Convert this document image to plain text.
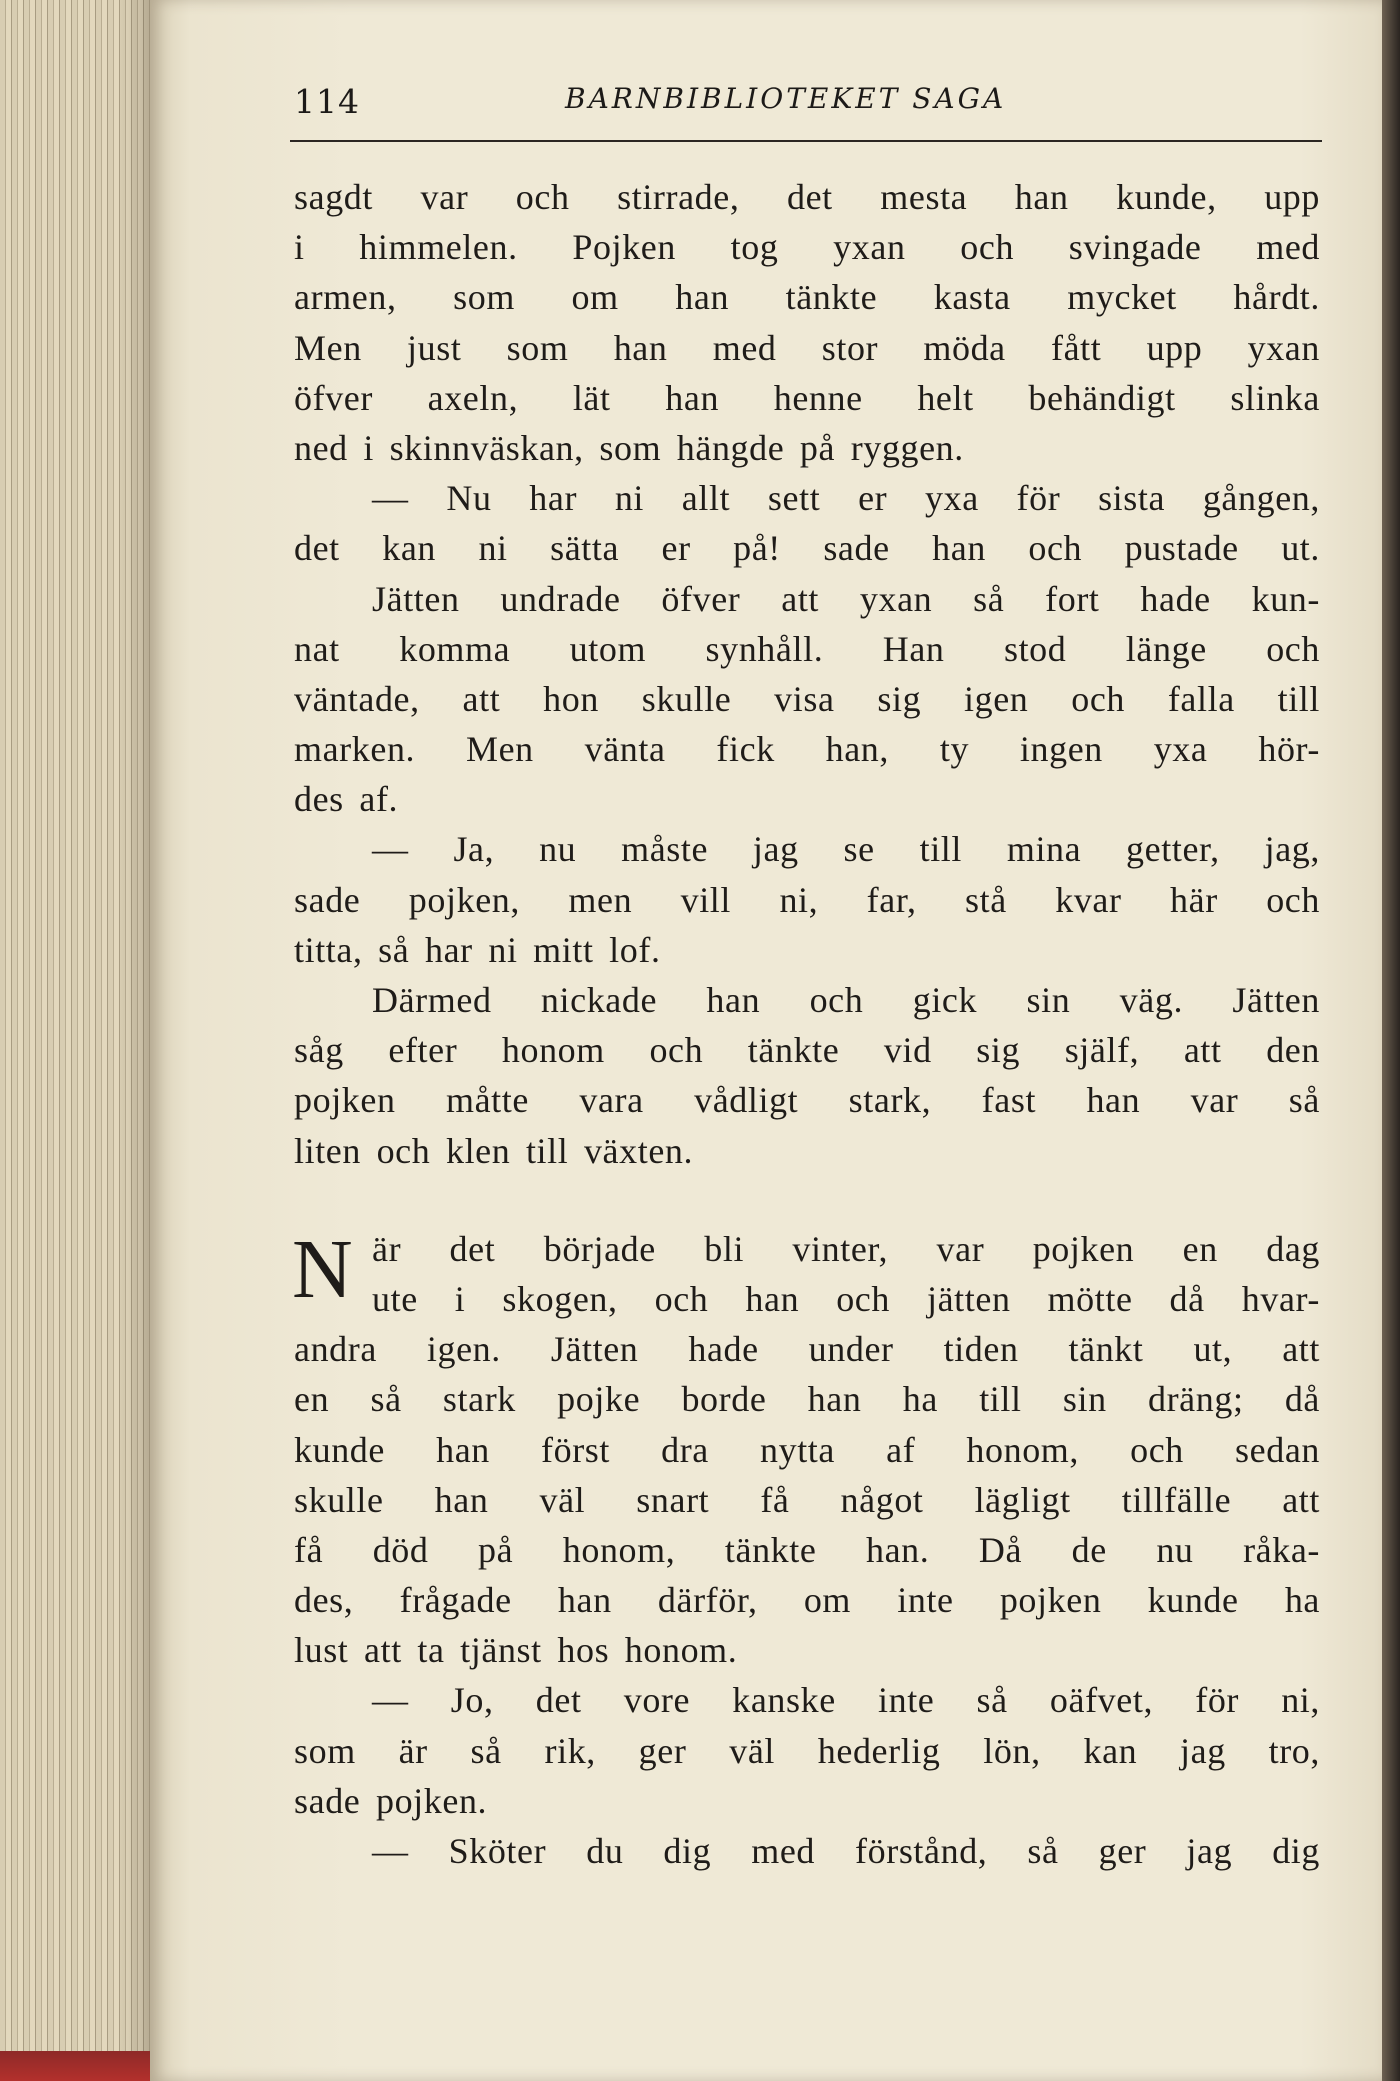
114	BARNBIBLIOTEKET SAGA
sagdt var och stirrade, det mesta han kunde, upp
i himmelen. Pojken tog yxan och svingade med
armen, som om han tänkte kasta mycket hårdt.
Men just som han med stor möda fått upp yxan
öfver axeln, lät han henne helt behändigt slinka
ned i skinnväskan, som hängde på ryggen.
— Nu har ni allt sett er yxa för sista gången,
det kan ni sätta er på! sade han och pustade ut.
Jätten undrade öfver att yxan så fort hade kun-
nat komma utom synhåll. Han stod länge och
väntade, att hon skulle visa sig igen och falla till
marken. Men vänta fick han, ty ingen yxa hör-
des af.
— Ja, nu måste jag se till mina getter, jag,
sade pojken, men vill ni, far, stå kvar här och
titta, så har ni mitt lof.
Därmed nickade han och gick sin väg. Jätten
såg efter honom och tänkte vid sig själf, att den
pojken måtte vara vådligt stark, fast han var så
liten och klen till växten.
N är det började bli vinter, var pojken en dag
ute i skogen, och han och jätten mötte då hvar-
andra igen. Jätten hade under tiden tänkt ut, att
en så stark pojke borde han ha till sin dräng; då
kunde han först dra nytta af honom, och sedan
skulle han väl snart få något lägligt tillfälle att
få död på honom, tänkte han. Då de nu råka-
des, frågade han därför, om inte pojken kunde ha
lust att ta tjänst hos honom.
— Jo, det vore kanske inte så oäfvet, för ni,
som är så rik, ger väl hederlig lön, kan jag tro,
sade pojken.
— Sköter du dig med förstånd, så ger jag dig
